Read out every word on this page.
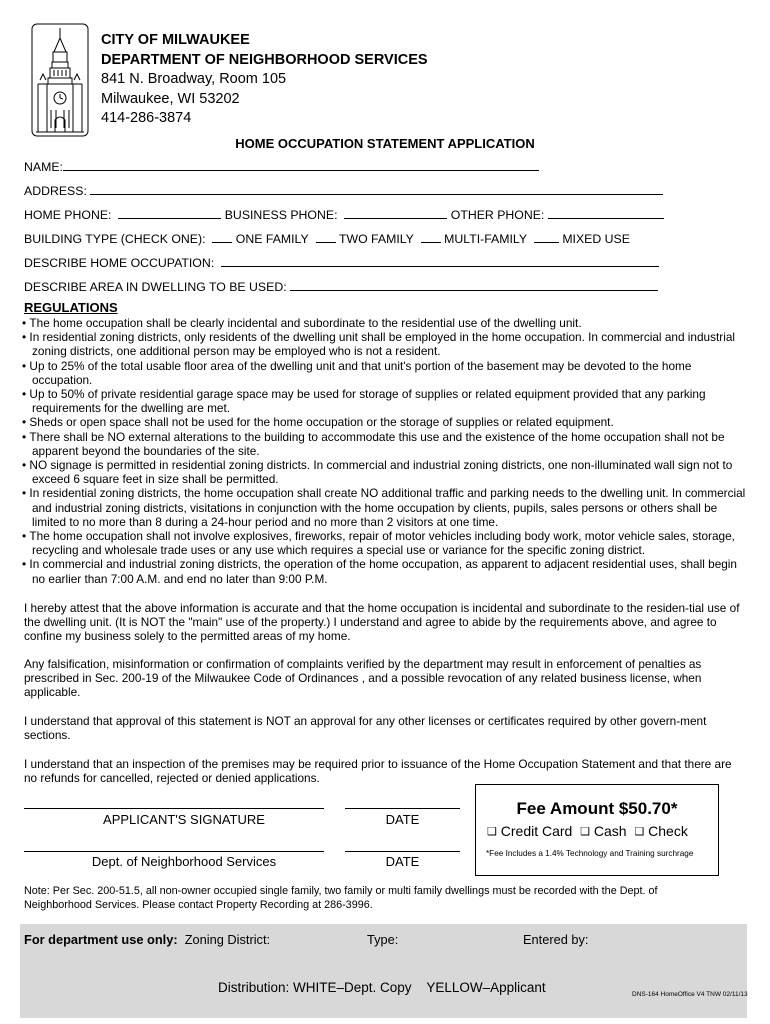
CITY OF MILWAUKEE
DEPARTMENT OF NEIGHBORHOOD SERVICES
841 N. Broadway, Room 105
Milwaukee, WI 53202
414-286-3874
HOME OCCUPATION STATEMENT APPLICATION
NAME:
ADDRESS:
HOME PHONE:	BUSINESS PHONE:	OTHER PHONE:
BUILDING TYPE (CHECK ONE): ONE FAMILY TWO FAMILY MULTI-FAMILY	MIXED USE
DESCRIBE HOME OCCUPATION:
DESCRIBE AREA IN DWELLING TO BE USED:
REGULATIONS
• The home occupation shall be clearly incidental and subordinate to the residential use of the dwelling unit.
• In residential zoning districts, only residents of the dwelling unit shall be employed in the home occupation. In commercial and industrial zoning districts, one additional person may be employed who is not a resident.
• Up to 25% of the total usable floor area of the dwelling unit and that unit's portion of the basement may be devoted to the home occupation.
• Up to 50% of private residential garage space may be used for storage of supplies or related equipment provided that any parking requirements for the dwelling are met.
• Sheds or open space shall not be used for the home occupation or the storage of supplies or related equipment.
• There shall be NO external alterations to the building to accommodate this use and the existence of the home occupation shall not be apparent beyond the boundaries of the site.
• NO signage is permitted in residential zoning districts. In commercial and industrial zoning districts, one non-illuminated wall sign not to exceed 6 square feet in size shall be permitted.
• In residential zoning districts, the home occupation shall create NO additional traffic and parking needs to the dwelling unit. In commercial and industrial zoning districts, visitations in conjunction with the home occupation by clients, pupils, sales persons or others shall be limited to no more than 8 during a 24-hour period and no more than 2 visitors at one time.
• The home occupation shall not involve explosives, fireworks, repair of motor vehicles including body work, motor vehicle sales, storage, recycling and wholesale trade uses or any use which requires a special use or variance for the specific zoning district.
• In commercial and industrial zoning districts, the operation of the home occupation, as apparent to adjacent residential uses, shall begin no earlier than 7:00 A.M. and end no later than 9:00 P.M.

I hereby attest that the above information is accurate and that the home occupation is incidental and subordinate to the residen-tial use of the dwelling unit. (It is NOT the "main" use of the property.) I understand and agree to abide by the requirements above, and agree to confine my business solely to the permitted areas of my home.

Any falsification, misinformation or confirmation of complaints verified by the department may result in enforcement of penalties as prescribed in Sec. 200-19 of the Milwaukee Code of Ordinances , and a possible revocation of any related business license, when applicable.

I understand that approval of this statement is NOT an approval for any other licenses or certificates required by other govern-ment sections.

I understand that an inspection of the premises may be required prior to issuance of the Home Occupation Statement and that there are no refunds for cancelled, rejected or denied applications.

APPLICANT'S SIGNATURE	DATE
Dept. of Neighborhood Services	DATE
Fee Amount $50.70*
❑ Credit Card ❑ Cash ❑ Check
*Fee Includes a 1.4% Technology and Training surchrage
Note: Per Sec. 200-51.5, all non-owner occupied single family, two family or multi family dwellings must be recorded with the Dept. of Neighborhood Services. Please contact Property Recording at 286-3996.
For department use only: Zoning District:	Type:	Entered by:
Distribution: WHITE–Dept. Copy    YELLOW–Applicant	DNS-164 HomeOffice V4 TNW 02/11/13
